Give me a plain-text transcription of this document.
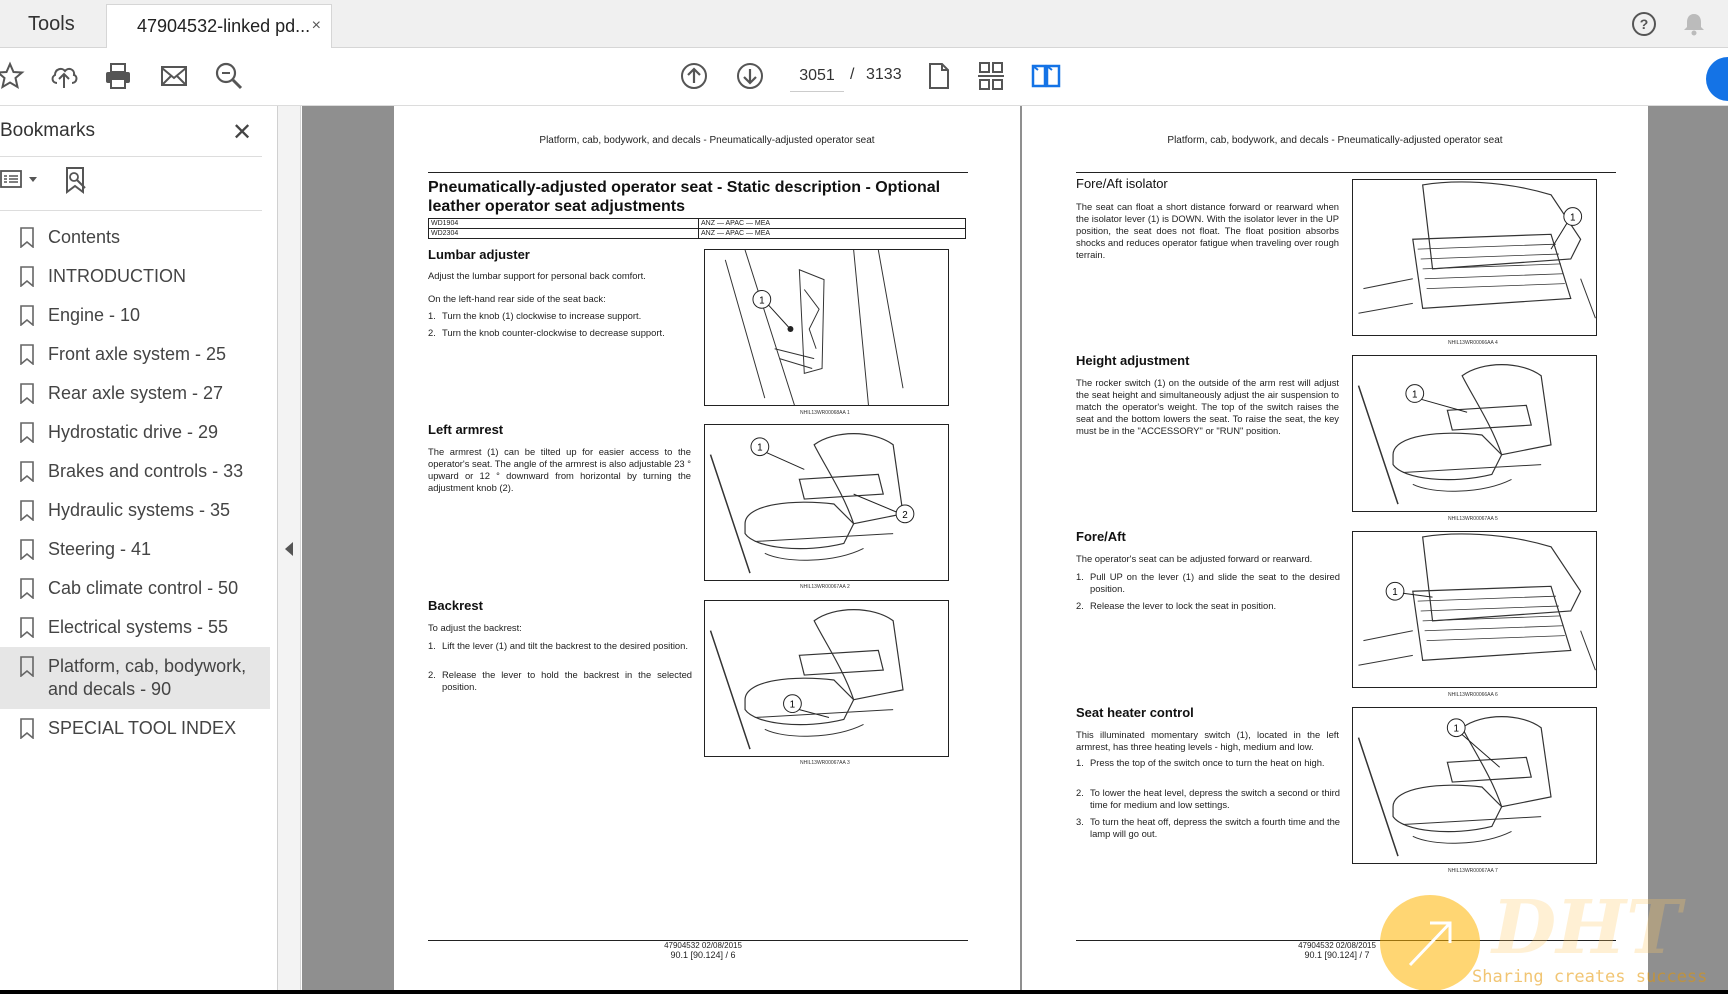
Tools	47904532-linked pd... ×	?
3051
/ 3133
Bookmarks	✕
Contents
INTRODUCTION
Engine - 10
Front axle system - 25
Rear axle system - 27
Hydrostatic drive - 29
Brakes and controls - 33
Hydraulic systems - 35
Steering - 41
Cab climate control - 50
Electrical systems - 55
Platform, cab, bodywork, and decals - 90
SPECIAL TOOL INDEX
Platform, cab, bodywork, and decals - Pneumatically-adjusted operator seat
Pneumatically-adjusted operator seat - Static description - Optional leather operator seat adjustments
WD1904	ANZ — APAC — MEA
WD2304	ANZ — APAC — MEA
Lumbar adjuster
Adjust the lumbar support for personal back comfort.
On the left-hand rear side of the seat back:
1. Turn the knob (1) clockwise to increase support.
2. Turn the knob counter-clockwise to decrease support.
1
NHIL13WR00068AA 1
Left armrest
The armrest (1) can be tilted up for easier access to the operator's seat. The angle of the armrest is also adjustable 23 ° upward or 12 ° downward from horizontal by turning the adjustment knob (2).
1
2
NHIL13WR00067AA 2
Backrest
To adjust the backrest:
1. Lift the lever (1) and tilt the backrest to the desired position.
2. Release the lever to hold the backrest in the selected position.
1
NHIL13WR00067AA 3
47904532 02/08/2015
90.1 [90.124] / 6
Platform, cab, bodywork, and decals - Pneumatically-adjusted operator seat
Fore/Aft isolator
The seat can float a short distance forward or rearward when the isolator lever (1) is DOWN. With the isolator lever in the UP position, the seat does not float. The float position absorbs shocks and reduces operator fatigue when traveling over rough terrain.
1
NHIL13WR00066AA 4
Height adjustment
The rocker switch (1) on the outside of the arm rest will adjust the seat height and simultaneously adjust the air suspension to match the operator's weight. The top of the switch raises the seat and the bottom lowers the seat. To raise the seat, the key must be in the "ACCESSORY" or "RUN" position.
1
NHIL13WR00067AA 5
Fore/Aft
The operator's seat can be adjusted forward or rearward.
1. Pull UP on the lever (1) and slide the seat to the desired position.
2. Release the lever to lock the seat in position.
1
NHIL13WR00066AA 6
Seat heater control
This illuminated momentary switch (1), located in the left armrest, has three heating levels - high, medium and low.
1. Press the top of the switch once to turn the heat on high.
2. To lower the heat level, depress the switch a second or third time for medium and low settings.
3. To turn the heat off, depress the switch a fourth time and the lamp will go out.
1
NHIL13WR00067AA 7
47904532 02/08/2015
90.1 [90.124] / 7	DHT
Sharing creates success
